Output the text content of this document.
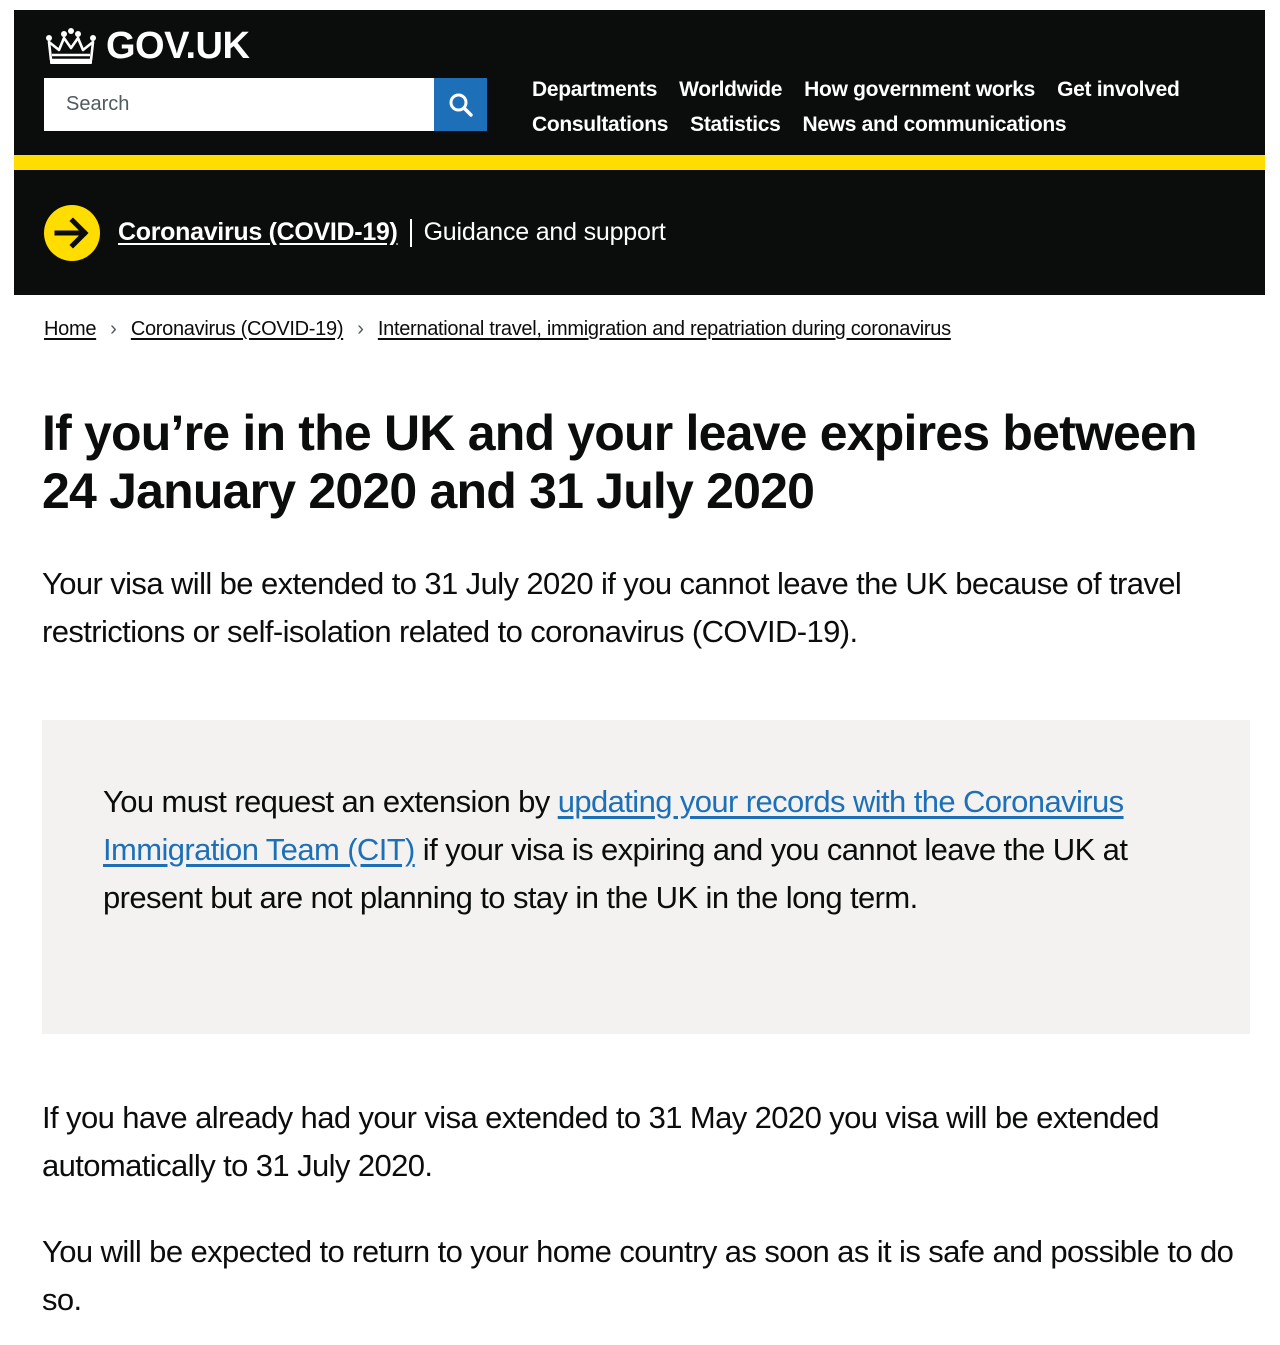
GOV.UK
Search
Departments Worldwide How government works Get involved
Consultations Statistics News and communications
Coronavirus (COVID-19) Guidance and support
Home › Coronavirus (COVID-19) › International travel, immigration and repatriation during coronavirus
If you’re in the UK and your leave expires between 24 January 2020 and 31 July 2020

Your visa will be extended to 31 July 2020 if you cannot leave the UK because of travel restrictions or self-isolation related to coronavirus (COVID-19).

You must request an extension by updating your records with the Coronavirus Immigration Team (CIT) if your visa is expiring and you cannot leave the UK at present but are not planning to stay in the UK in the long term.

If you have already had your visa extended to 31 May 2020 you visa will be extended automatically to 31 July 2020.

You will be expected to return to your home country as soon as it is safe and possible to do so.
